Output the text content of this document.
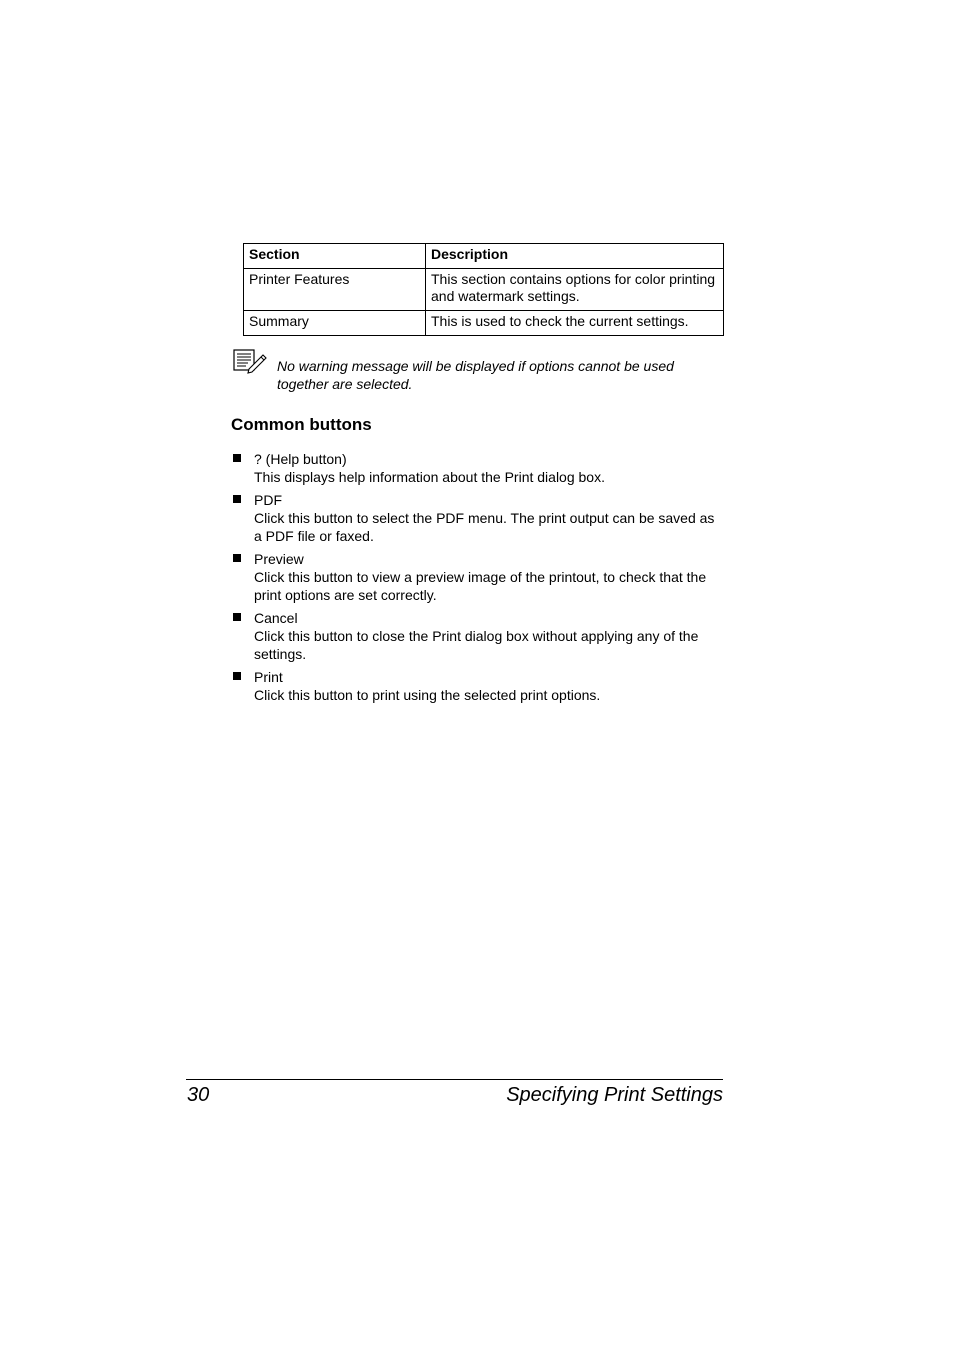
Section	Description
Printer Features	This section contains options for color printing and watermark settings.
Summary	This is used to check the current settings.
No warning message will be displayed if options cannot be used together are selected.
Common buttons
? (Help button)
This displays help information about the Print dialog box.
PDF
Click this button to select the PDF menu. The print output can be saved as a PDF file or faxed.
Preview
Click this button to view a preview image of the printout, to check that the print options are set correctly.
Cancel
Click this button to close the Print dialog box without applying any of the settings.
Print
Click this button to print using the selected print options.
30	Specifying Print Settings
